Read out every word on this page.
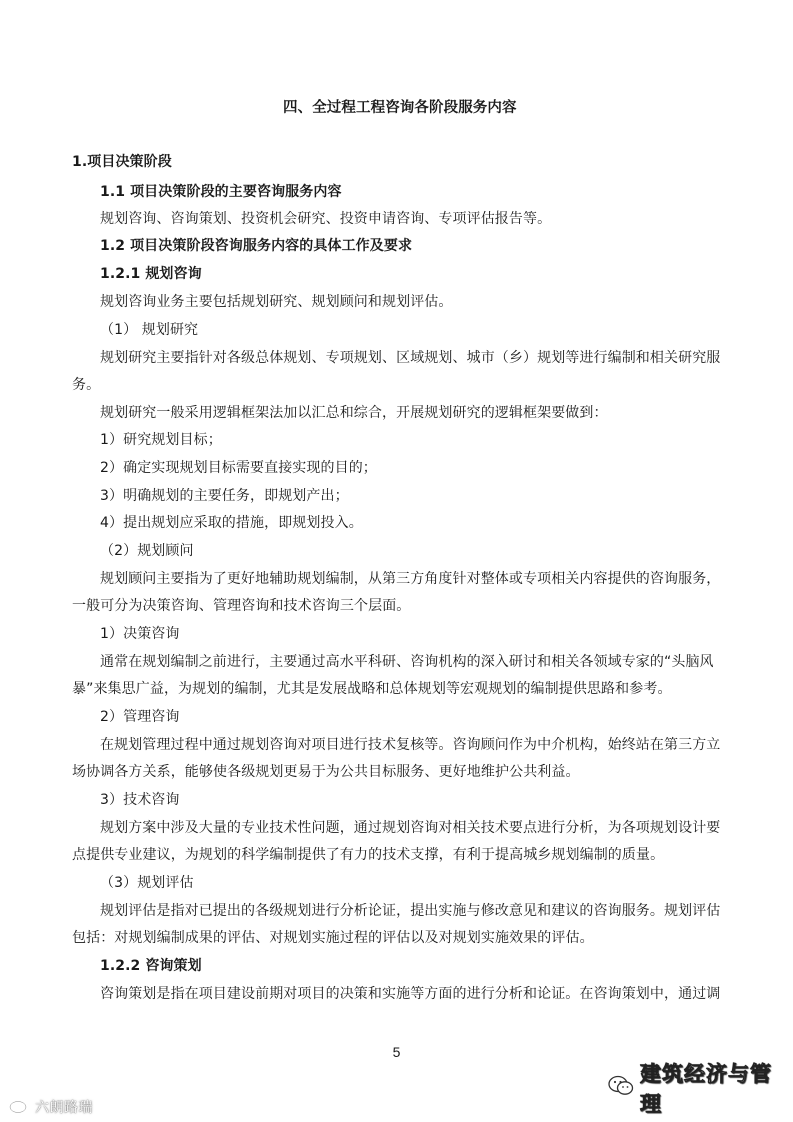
四、全过程工程咨询各阶段服务内容
1.项目决策阶段
1.1 项目决策阶段的主要咨询服务内容
规划咨询、咨询策划、投资机会研究、投资申请咨询、专项评估报告等。
1.2 项目决策阶段咨询服务内容的具体工作及要求
1.2.1 规划咨询
规划咨询业务主要包括规划研究、规划顾问和规划评估。
（1） 规划研究
规划研究主要指针对各级总体规划、专项规划、区域规划、城市（乡）规划等进行编制和相关研究服
务。
规划研究一般采用逻辑框架法加以汇总和综合，开展规划研究的逻辑框架要做到：
1）研究规划目标；
2）确定实现规划目标需要直接实现的目的；
3）明确规划的主要任务，即规划产出；
4）提出规划应采取的措施，即规划投入。
（2）规划顾问
规划顾问主要指为了更好地辅助规划编制，从第三方角度针对整体或专项相关内容提供的咨询服务，
一般可分为决策咨询、管理咨询和技术咨询三个层面。
1）决策咨询
通常在规划编制之前进行，主要通过高水平科研、咨询机构的深入研讨和相关各领域专家的“头脑风
暴”来集思广益，为规划的编制，尤其是发展战略和总体规划等宏观规划的编制提供思路和参考。
2）管理咨询
在规划管理过程中通过规划咨询对项目进行技术复核等。咨询顾问作为中介机构，始终站在第三方立
场协调各方关系，能够使各级规划更易于为公共目标服务、更好地维护公共利益。
3）技术咨询
规划方案中涉及大量的专业技术性问题，通过规划咨询对相关技术要点进行分析，为各项规划设计要
点提供专业建议，为规划的科学编制提供了有力的技术支撑，有利于提高城乡规划编制的质量。
（3）规划评估
规划评估是指对已提出的各级规划进行分析论证，提出实施与修改意见和建议的咨询服务。规划评估
包括：对规划编制成果的评估、对规划实施过程的评估以及对规划实施效果的评估。
1.2.2 咨询策划
咨询策划是指在项目建设前期对项目的决策和实施等方面的进行分析和论证。在咨询策划中，通过调
5
建筑经济与管理
六朗路瑞
